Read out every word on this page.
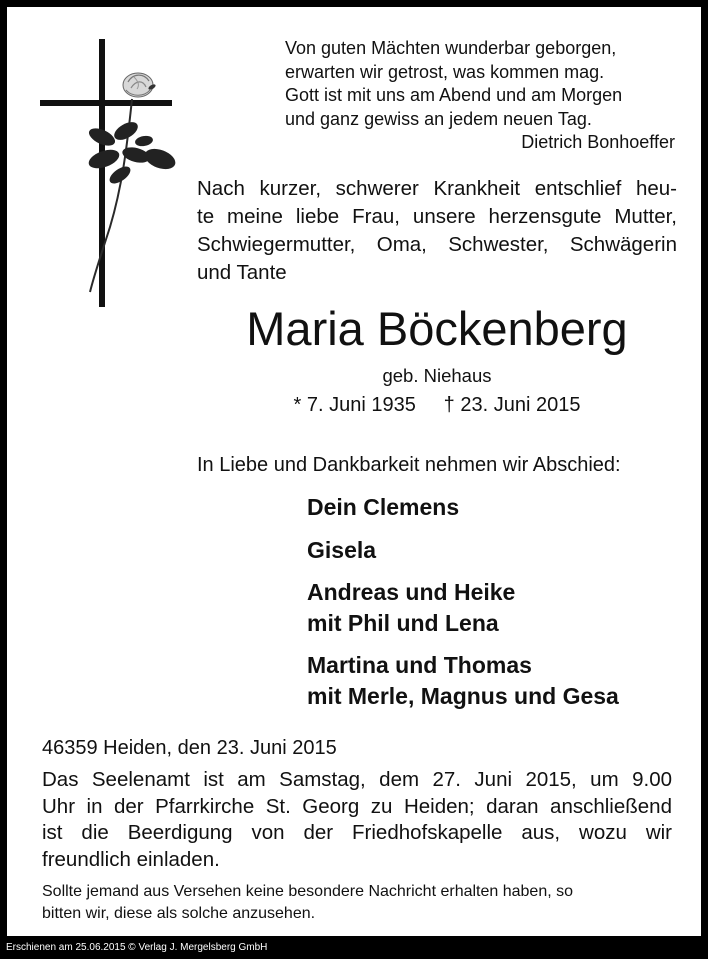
Von guten Mächten wunderbar geborgen,
erwarten wir getrost, was kommen mag.
Gott ist mit uns am Abend und am Morgen
und ganz gewiss an jedem neuen Tag.
Dietrich Bonhoeffer
Nach kurzer, schwerer Krankheit entschlief heu-
te meine liebe Frau, unsere herzensgute Mutter,
Schwiegermutter, Oma, Schwester, Schwägerin
und Tante
Maria Böckenberg
geb. Niehaus
* 7. Juni 1935 † 23. Juni 2015
In Liebe und Dankbarkeit nehmen wir Abschied:
Dein Clemens
Gisela
Andreas und Heike
mit Phil und Lena
Martina und Thomas
mit Merle, Magnus und Gesa
46359 Heiden, den 23. Juni 2015
Das Seelenamt ist am Samstag, dem 27. Juni 2015, um 9.00
Uhr in der Pfarrkirche St. Georg zu Heiden; daran anschließend
ist die Beerdigung von der Friedhofskapelle aus, wozu wir
freundlich einladen.
Sollte jemand aus Versehen keine besondere Nachricht erhalten haben, so
bitten wir, diese als solche anzusehen.
Erschienen am 25.06.2015 © Verlag J. Mergelsberg GmbH
